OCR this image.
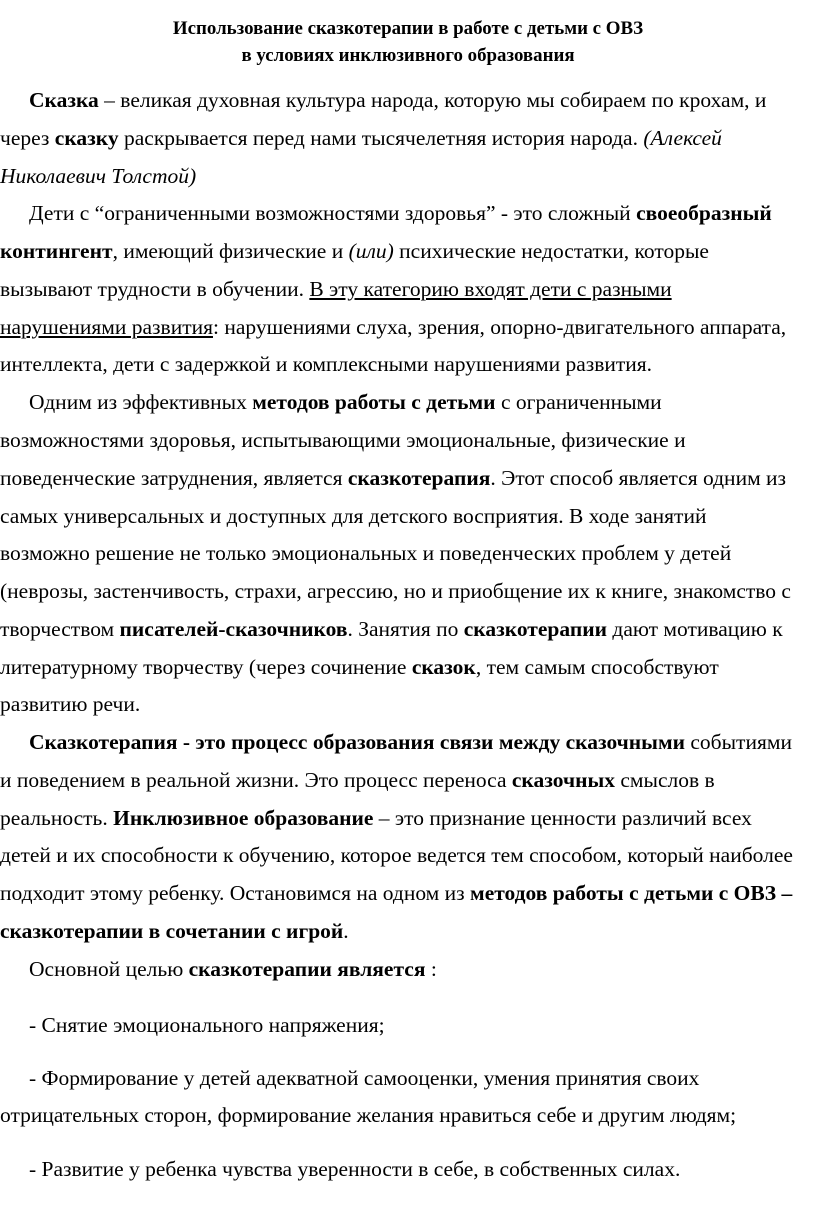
Использование сказкотерапии в работе с детьми с ОВЗ
в условиях инклюзивного образования
Сказка – великая духовная культура народа, которую мы собираем по крохам, и
через сказку раскрывается перед нами тысячелетняя история народа. (Алексей
Николаевич Толстой)
Дети с “ограниченными возможностями здоровья” - это сложный своеобразный
контингент, имеющий физические и (или) психические недостатки, которые
вызывают трудности в обучении. В эту категорию входят дети с разными
нарушениями развития: нарушениями слуха, зрения, опорно-двигательного аппарата,
интеллекта, дети с задержкой и комплексными нарушениями развития.
Одним из эффективных методов работы с детьми с ограниченными
возможностями здоровья, испытывающими эмоциональные, физические и
поведенческие затруднения, является сказкотерапия. Этот способ является одним из
самых универсальных и доступных для детского восприятия. В ходе занятий
возможно решение не только эмоциональных и поведенческих проблем у детей
(неврозы, застенчивость, страхи, агрессию, но и приобщение их к книге, знакомство с
творчеством писателей-сказочников. Занятия по сказкотерапии дают мотивацию к
литературному творчеству (через сочинение сказок, тем самым способствуют
развитию речи.
Сказкотерапия - это процесс образования связи между сказочными событиями
и поведением в реальной жизни. Это процесс переноса сказочных смыслов в
реальность. Инклюзивное образование – это признание ценности различий всех
детей и их способности к обучению, которое ведется тем способом, который наиболее
подходит этому ребенку. Остановимся на одном из методов работы с детьми с ОВЗ –
сказкотерапии в сочетании с игрой.
Основной целью сказкотерапии является :
- Снятие эмоционального напряжения;
- Формирование у детей адекватной самооценки, умения принятия своих
отрицательных сторон, формирование желания нравиться себе и другим людям;
- Развитие у ребенка чувства уверенности в себе, в собственных силах.
